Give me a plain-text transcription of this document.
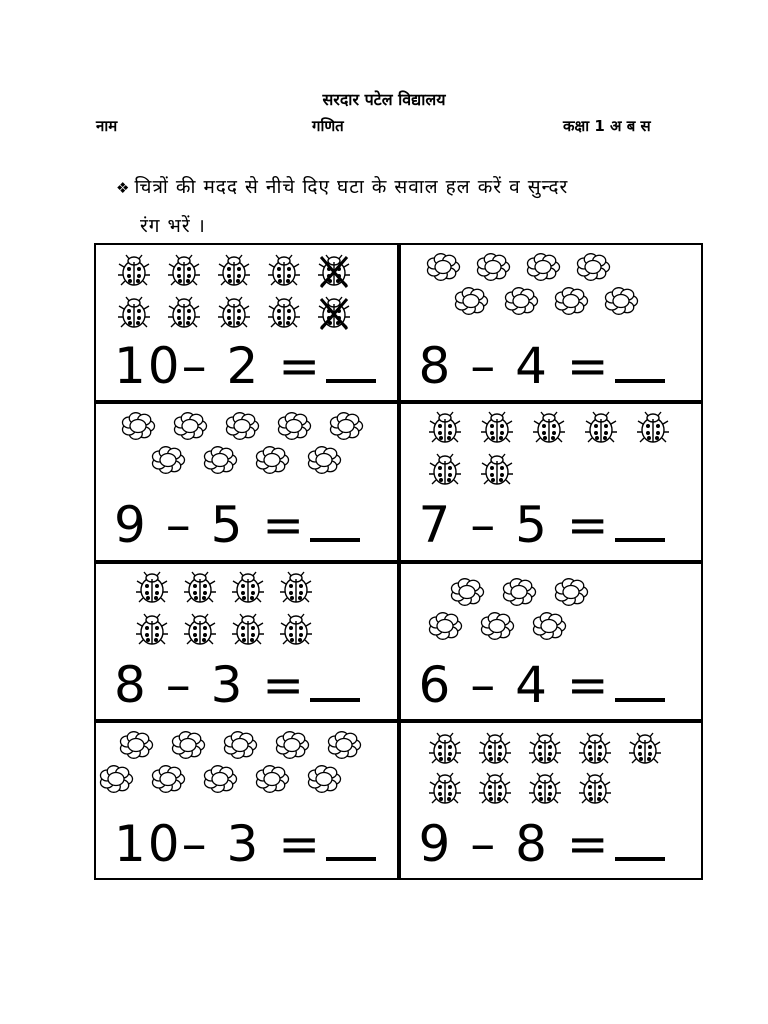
सरदार पटेल विद्यालय
नाम	गणित	कक्षा 1 अ ब स
❖ चित्रों की मदद से नीचे दिए घटा के सवाल हल करें व सुन्दर
रंग भरें ।
10– 2 =	8 – 4 =
9 – 5 =	7 – 5 =
8 – 3 =	6 – 4 =
10– 3 =	9 – 8 =
